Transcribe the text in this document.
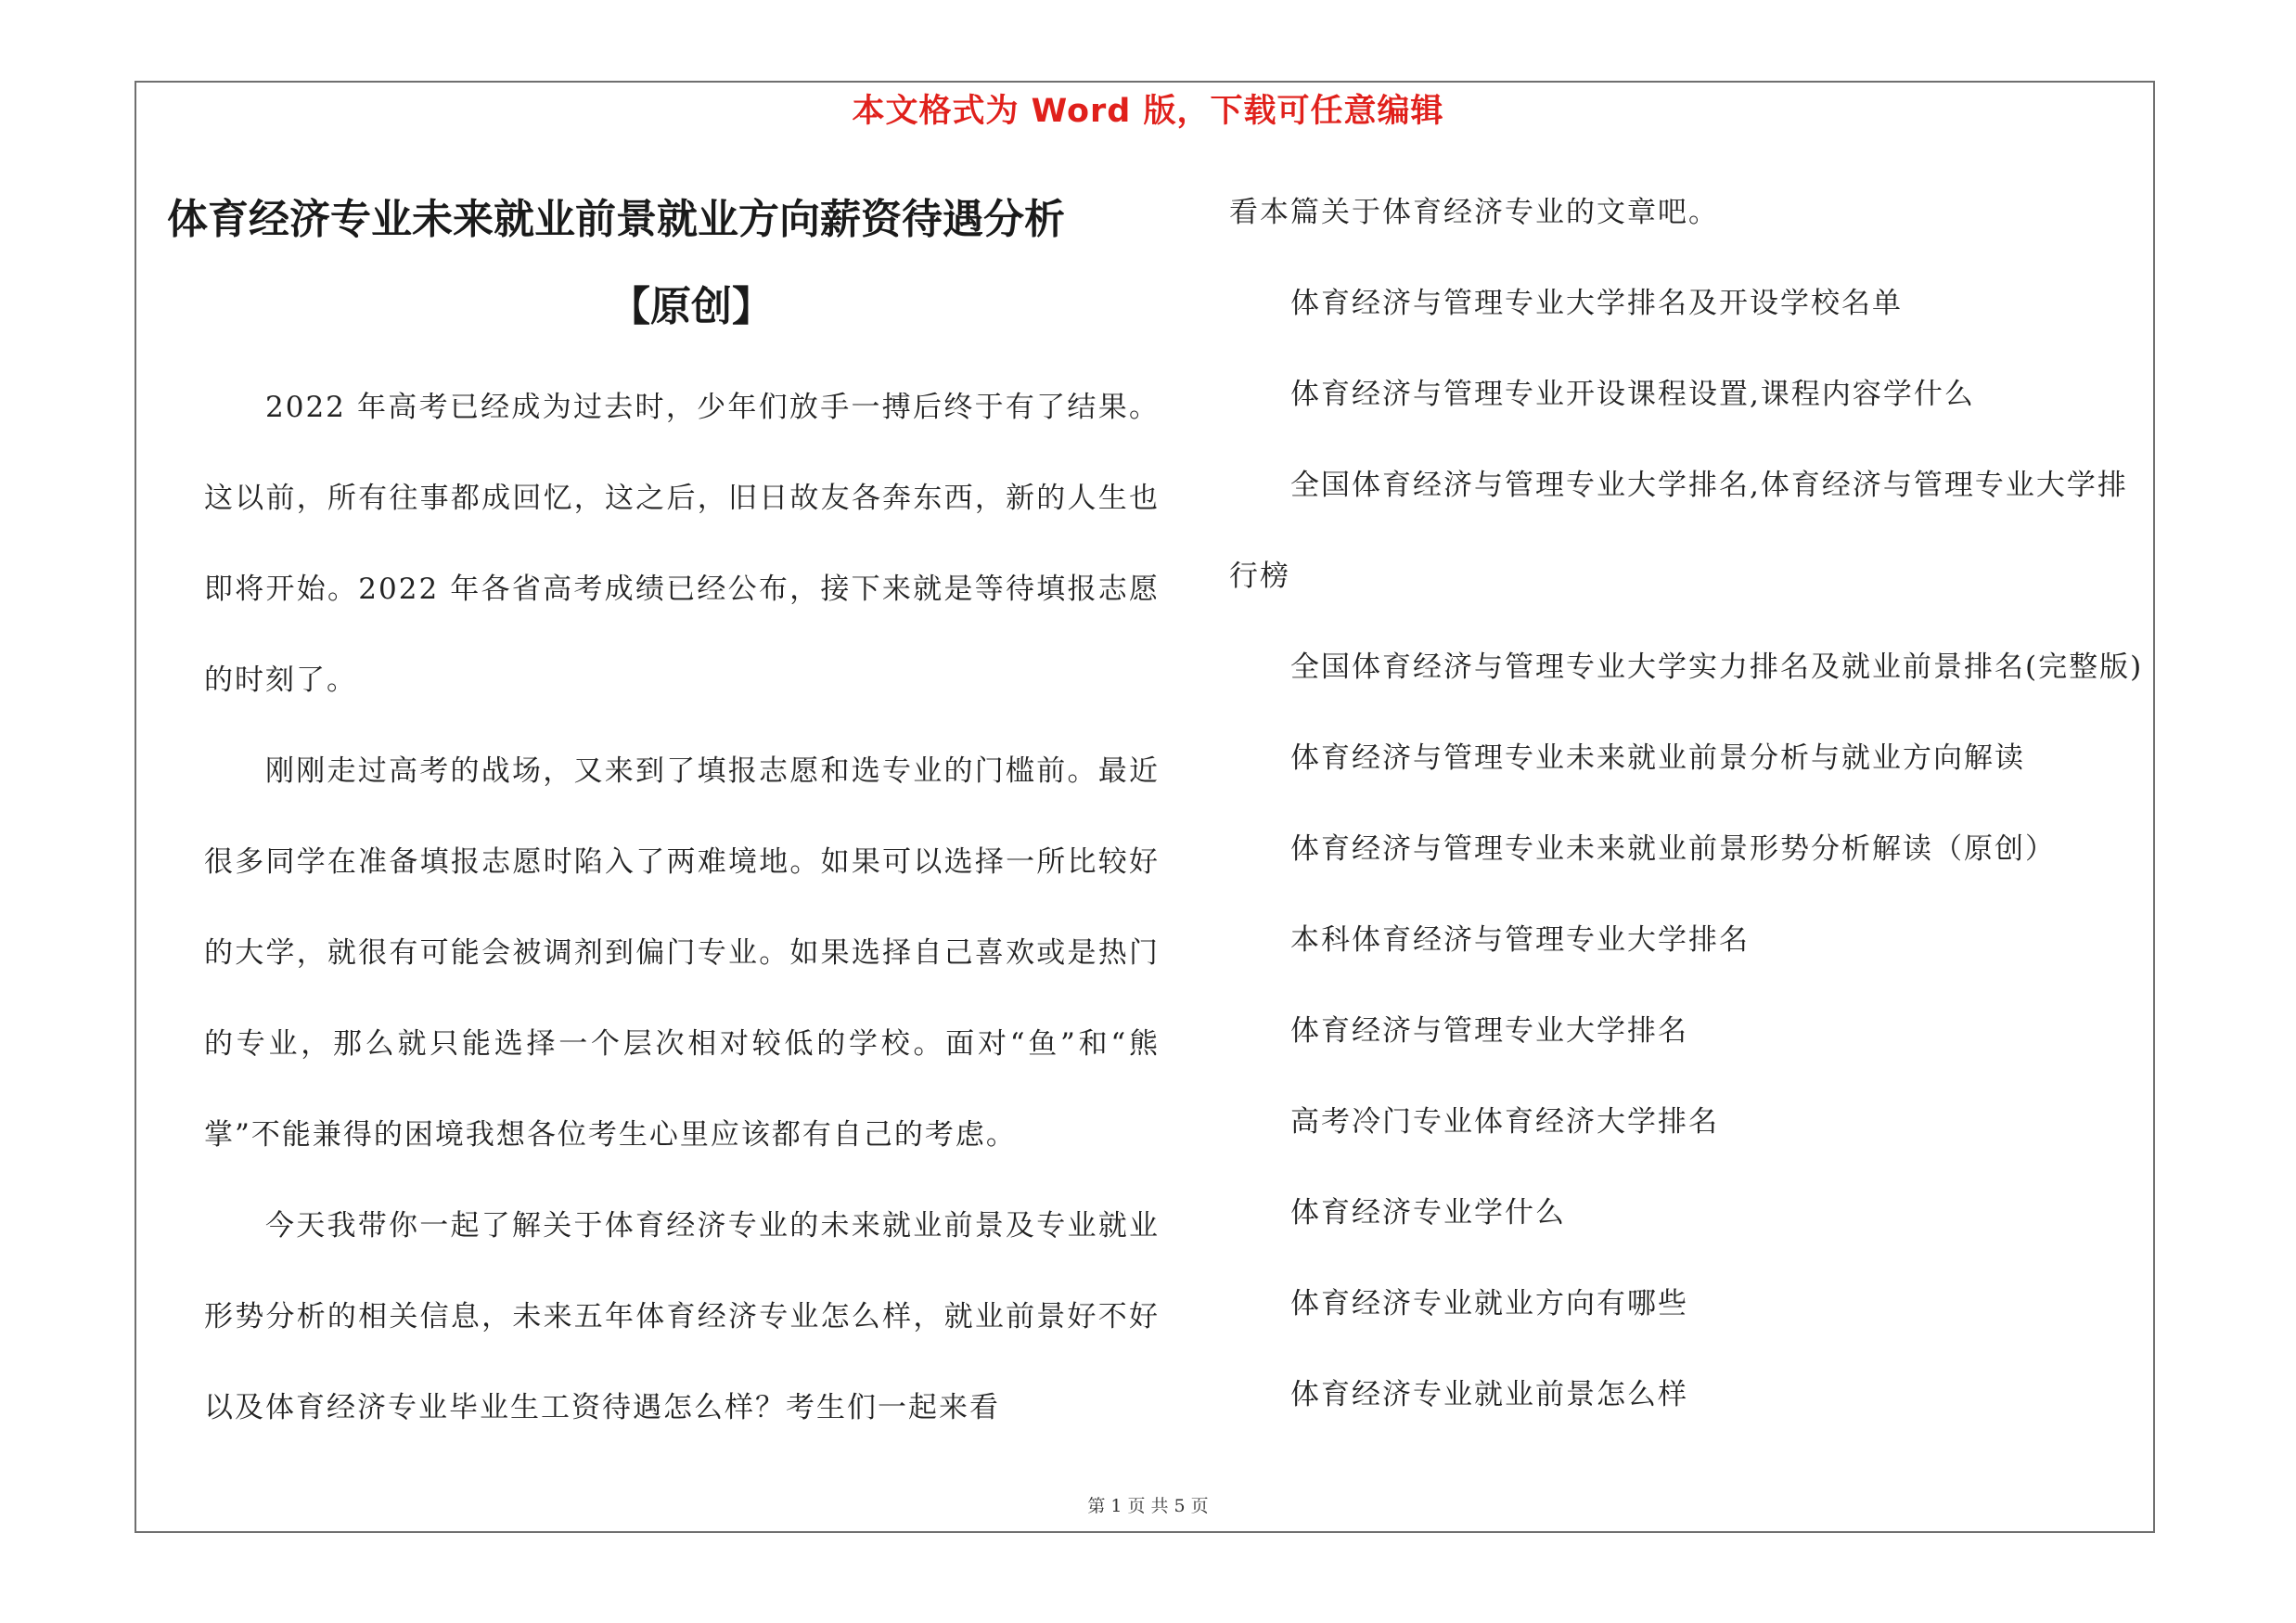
本文格式为 Word 版，下载可任意编辑
体育经济专业未来就业前景就业方向薪资待遇分析
【原创】

2022 年高考已经成为过去时，少年们放手一搏后终于有了结果。这以前，所有往事都成回忆，这之后，旧日故友各奔东西，新的人生也即将开始。2022 年各省高考成绩已经公布，接下来就是等待填报志愿的时刻了。

刚刚走过高考的战场，又来到了填报志愿和选专业的门槛前。最近很多同学在准备填报志愿时陷入了两难境地。如果可以选择一所比较好的大学，就很有可能会被调剂到偏门专业。如果选择自己喜欢或是热门的专业，那么就只能选择一个层次相对较低的学校。面对“鱼”和“熊掌”不能兼得的困境我想各位考生心里应该都有自己的考虑。

今天我带你一起了解关于体育经济专业的未来就业前景及专业就业形势分析的相关信息，未来五年体育经济专业怎么样，就业前景好不好以及体育经济专业毕业生工资待遇怎么样？考生们一起来看

看本篇关于体育经济专业的文章吧。

体育经济与管理专业大学排名及开设学校名单

体育经济与管理专业开设课程设置,课程内容学什么

全国体育经济与管理专业大学排名,体育经济与管理专业大学排行榜

全国体育经济与管理专业大学实力排名及就业前景排名(完整版)

体育经济与管理专业未来就业前景分析与就业方向解读

体育经济与管理专业未来就业前景形势分析解读（原创）

本科体育经济与管理专业大学排名

体育经济与管理专业大学排名

高考冷门专业体育经济大学排名

体育经济专业学什么

体育经济专业就业方向有哪些

体育经济专业就业前景怎么样

第 1 页 共 5 页
